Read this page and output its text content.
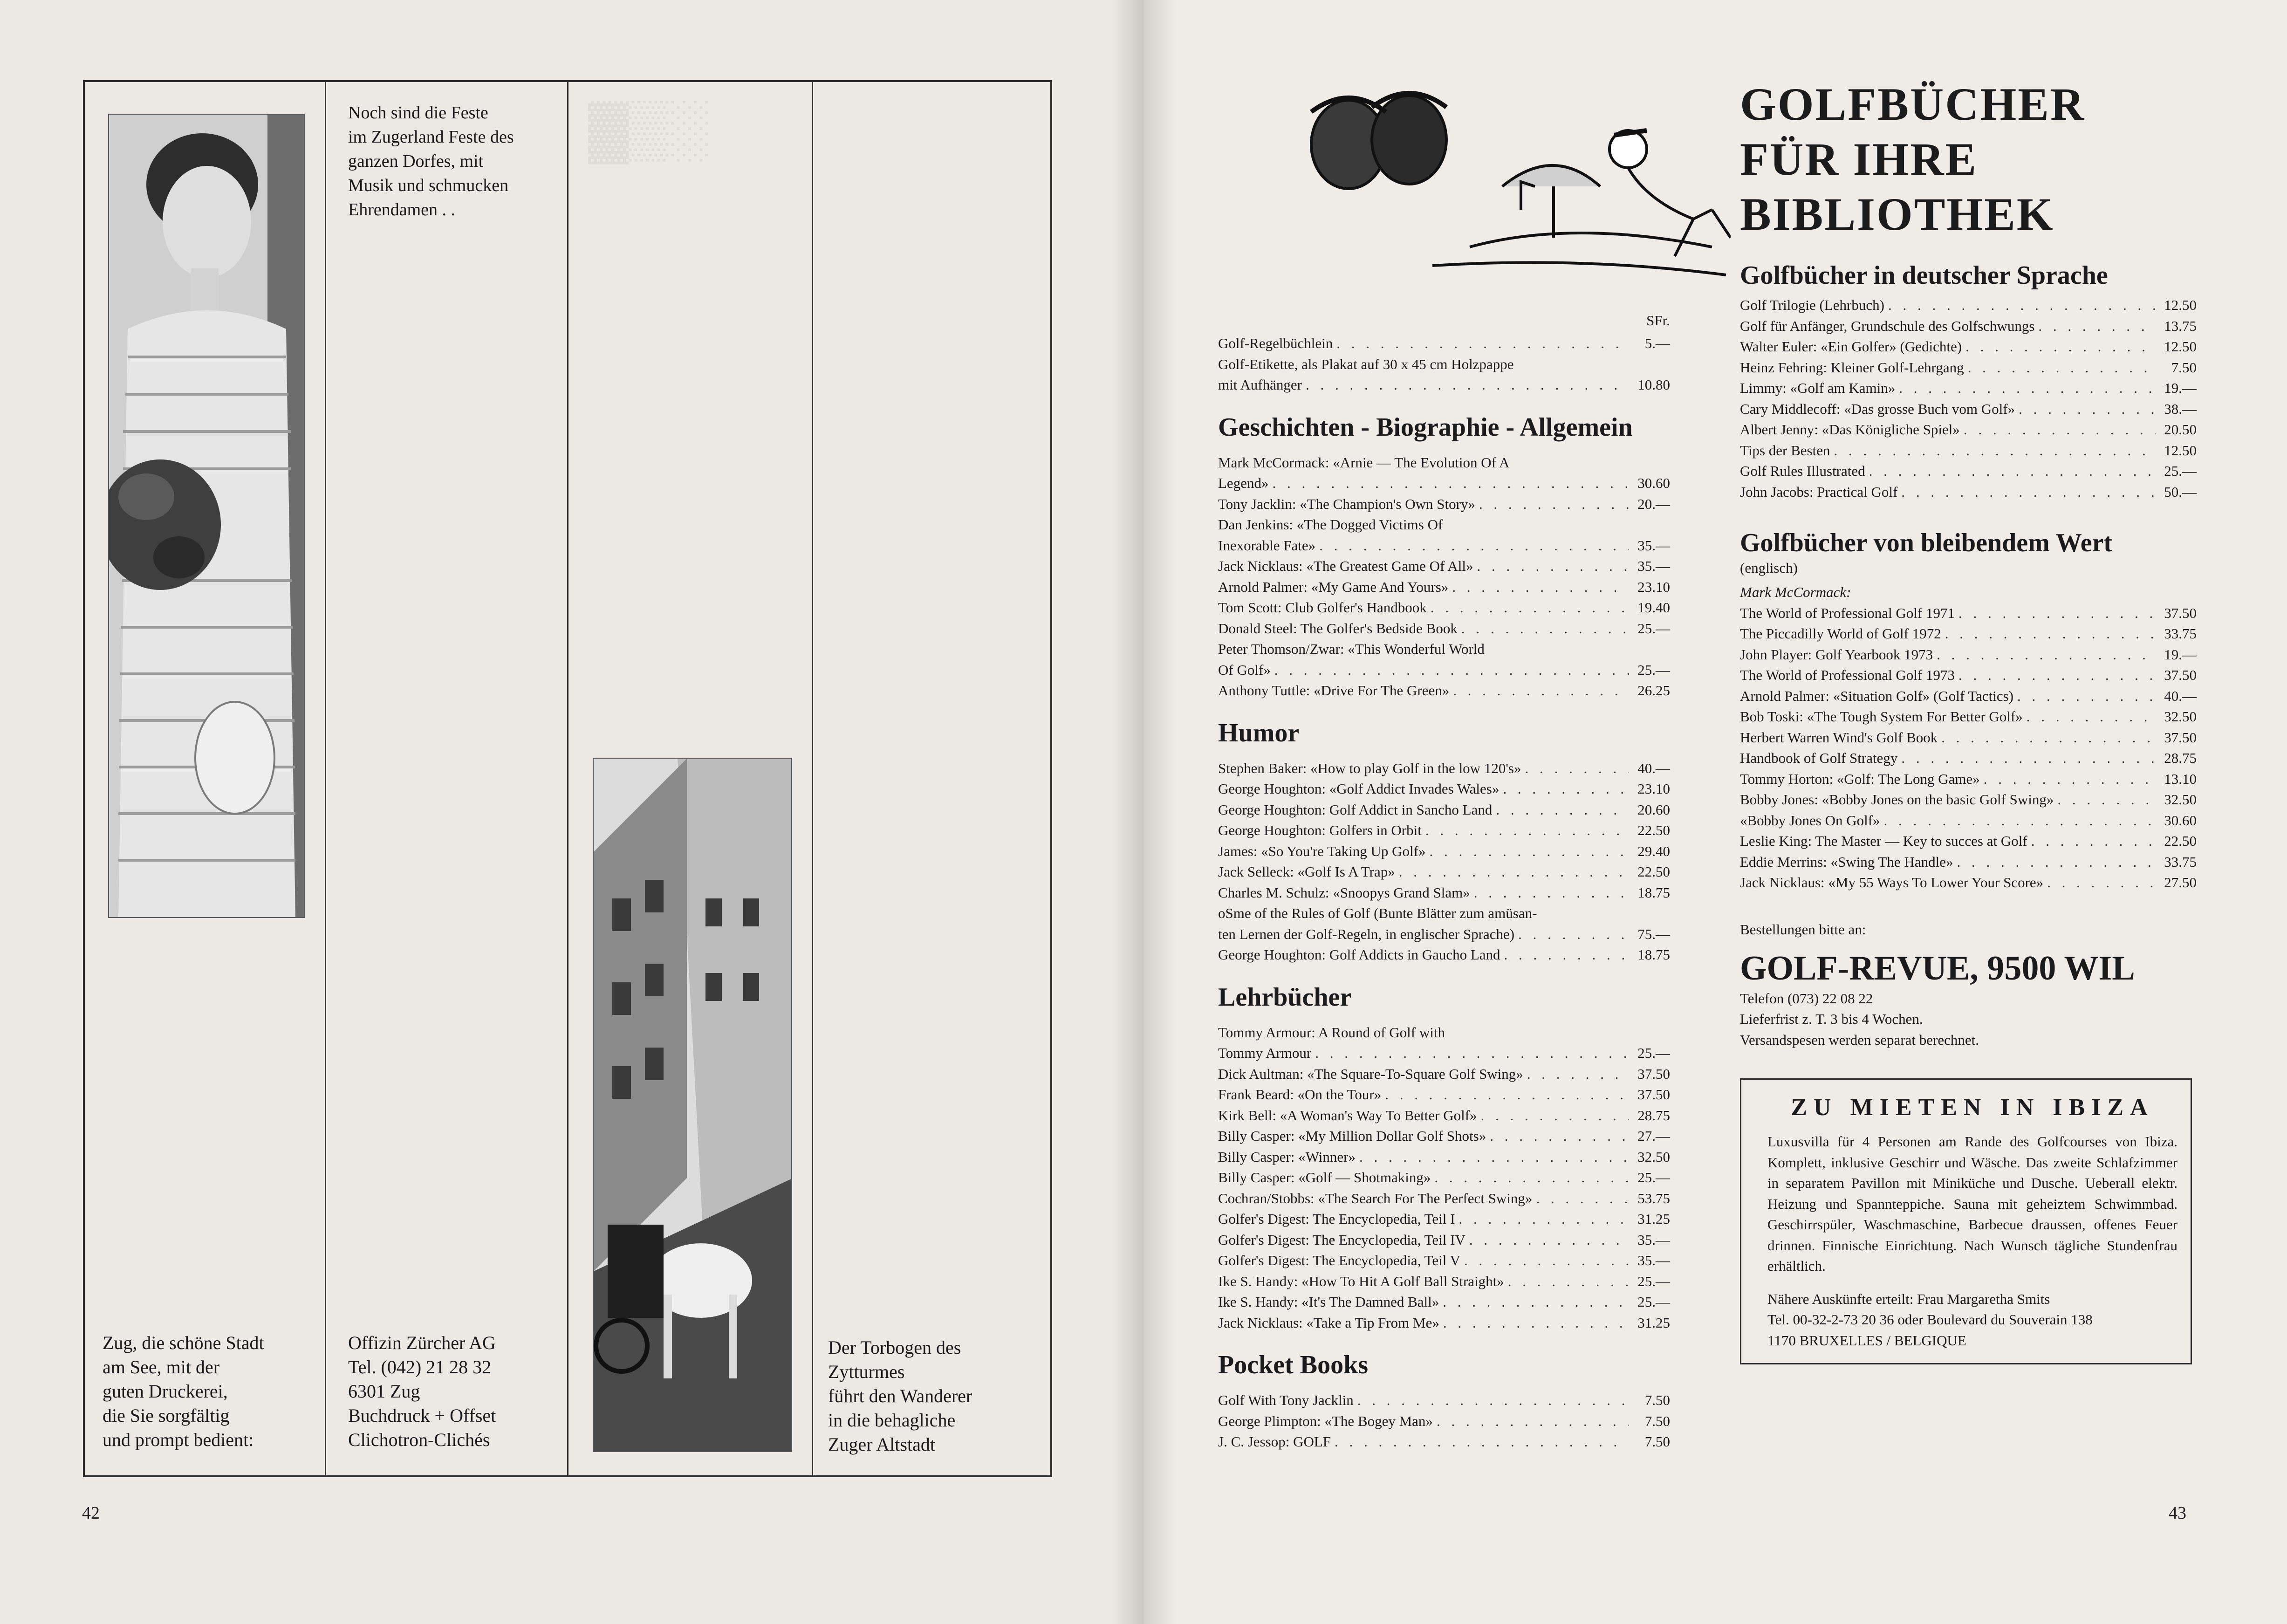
▓▒░
Noch sind die Feste
im Zugerland Feste des
ganzen Dorfes, mit
Musik und schmucken
Ehrendamen . .
Zug, die schöne Stadt
am See, mit der
guten Druckerei,
die Sie sorgfältig
und prompt bedient:
Offizin Zürcher AG
Tel. (042) 21 28 32
6301 Zug
Buchdruck + Offset
Clichotron-Clichés
Der Torbogen des
Zytturmes
führt den Wanderer
in die behagliche
Zuger Altstadt
42
SFr.
Golf-Regelbüchlein . . .	5.—
Golf-Etikette, als Plakat auf 30 x 45 cm Holzpappe
mit Aufhänger . . .	10.80
Geschichten - Biographie - Allgemein
Mark McCormack: «Arnie — The Evolution Of A
Legend» . . .	30.60
Tony Jacklin: «The Champion's Own Story» . . .	20.—
Dan Jenkins: «The Dogged Victims Of
Inexorable Fate» . . .	35.—
Jack Nicklaus: «The Greatest Game Of All» . . .	35.—
Arnold Palmer: «My Game And Yours» . . .	23.10
Tom Scott: Club Golfer's Handbook . . .	19.40
Donald Steel: The Golfer's Bedside Book . . .	25.—
Peter Thomson/Zwar: «This Wonderful World
Of Golf» . . .	25.—
Anthony Tuttle: «Drive For The Green» . . .	26.25
Humor
Stephen Baker: «How to play Golf in the low 120's» . . .	40.—
George Houghton: «Golf Addict Invades Wales» . . .	23.10
George Houghton: Golf Addict in Sancho Land . . .	20.60
George Houghton: Golfers in Orbit . . .	22.50
James: «So You're Taking Up Golf» . . .	29.40
Jack Selleck: «Golf Is A Trap» . . .	22.50
Charles M. Schulz: «Snoopys Grand Slam» . . .	18.75
oSme of the Rules of Golf (Bunte Blätter zum amüsan-
ten Lernen der Golf-Regeln, in englischer Sprache) . . .	75.—
George Houghton: Golf Addicts in Gaucho Land . . .	18.75
Lehrbücher
Tommy Armour: A Round of Golf with
Tommy Armour . . .	25.—
Dick Aultman: «The Square-To-Square Golf Swing» . . .	37.50
Frank Beard: «On the Tour» . . .	37.50
Kirk Bell: «A Woman's Way To Better Golf» . . .	28.75
Billy Casper: «My Million Dollar Golf Shots» . . .	27.—
Billy Casper: «Winner» . . .	32.50
Billy Casper: «Golf — Shotmaking» . . .	25.—
Cochran/Stobbs: «The Search For The Perfect Swing» . . .	53.75
Golfer's Digest: The Encyclopedia, Teil I . . .	31.25
Golfer's Digest: The Encyclopedia, Teil IV . . .	35.—
Golfer's Digest: The Encyclopedia, Teil V . . .	35.—
Ike S. Handy: «How To Hit A Golf Ball Straight» . . .	25.—
Ike S. Handy: «It's The Damned Ball» . . .	25.—
Jack Nicklaus: «Take a Tip From Me» . . .	31.25
Pocket Books
Golf With Tony Jacklin . . .	7.50
George Plimpton: «The Bogey Man» . . .	7.50
J. C. Jessop: GOLF . . .	7.50
GOLFBÜCHER
FÜR IHRE
BIBLIOTHEK
Golfbücher in deutscher Sprache
Golf Trilogie (Lehrbuch) . . .	12.50
Golf für Anfänger, Grundschule des Golfschwungs . . .	13.75
Walter Euler: «Ein Golfer» (Gedichte) . . .	12.50
Heinz Fehring: Kleiner Golf-Lehrgang . . .	7.50
Limmy: «Golf am Kamin» . . .	19.—
Cary Middlecoff: «Das grosse Buch vom Golf» . . .	38.—
Albert Jenny: «Das Königliche Spiel» . . .	20.50
Tips der Besten . . .	12.50
Golf Rules Illustrated . . .	25.—
John Jacobs: Practical Golf . . .	50.—
Golfbücher von bleibendem Wert
(englisch)
Mark McCormack:
The World of Professional Golf 1971 . . .	37.50
The Piccadilly World of Golf 1972 . . .	33.75
John Player: Golf Yearbook 1973 . . .	19.—
The World of Professional Golf 1973 . . .	37.50
Arnold Palmer: «Situation Golf» (Golf Tactics) . . .	40.—
Bob Toski: «The Tough System For Better Golf» . . .	32.50
Herbert Warren Wind's Golf Book . . .	37.50
Handbook of Golf Strategy . . .	28.75
Tommy Horton: «Golf: The Long Game» . . .	13.10
Bobby Jones: «Bobby Jones on the basic Golf Swing» . . .	32.50
«Bobby Jones On Golf» . . .	30.60
Leslie King: The Master — Key to succes at Golf . . .	22.50
Eddie Merrins: «Swing The Handle» . . .	33.75
Jack Nicklaus: «My 55 Ways To Lower Your Score» . . .	27.50
Bestellungen bitte an:
GOLF-REVUE, 9500 WIL
Telefon (073) 22 08 22
Lieferfrist z. T. 3 bis 4 Wochen.
Versandspesen werden separat berechnet.
ZU MIETEN IN IBIZA
Luxusvilla für 4 Personen am Rande des Golfcourses von Ibiza. Komplett, inklusive Geschirr und Wäsche. Das zweite Schlafzimmer in separatem Pavillon mit Miniküche und Dusche. Ueberall elektr. Heizung und Spannteppiche. Sauna mit geheiztem Schwimmbad. Geschirrspüler, Waschmaschine, Barbecue draussen, offenes Feuer drinnen. Finnische Einrichtung. Nach Wunsch tägliche Stundenfrau erhältlich.
Nähere Auskünfte erteilt: Frau Margaretha Smits
Tel. 00-32-2-73 20 36 oder Boulevard du Souverain 138
1170 BRUXELLES / BELGIQUE
43
